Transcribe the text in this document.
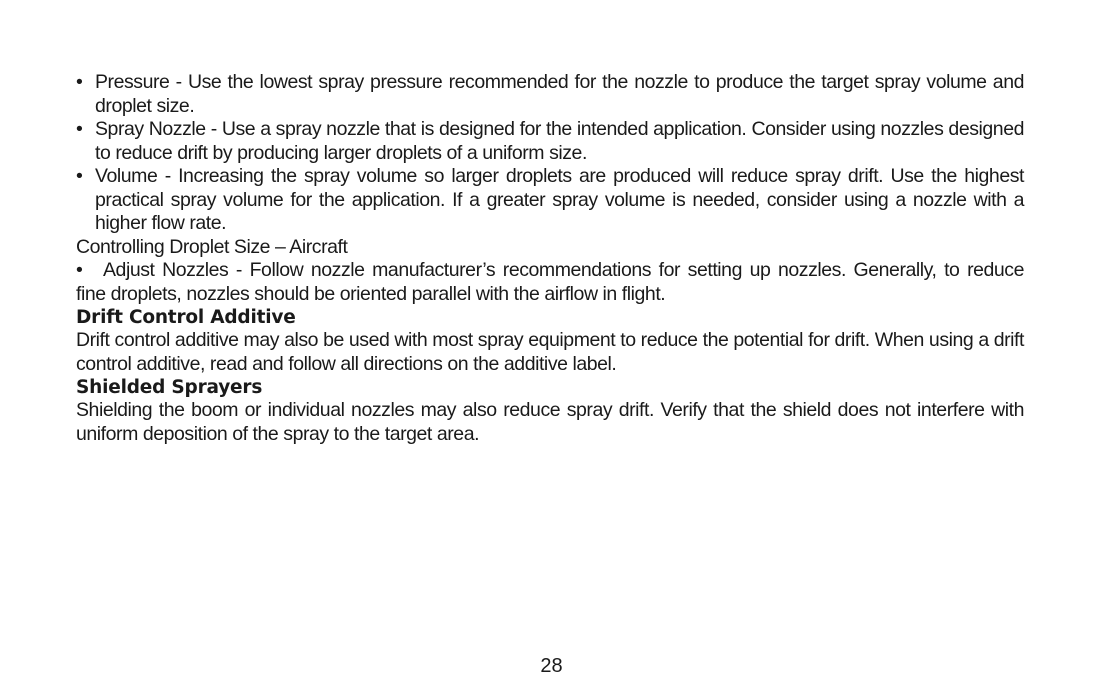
• Pressure - Use the lowest spray pressure recommended for the nozzle to produce the target spray volume and droplet size.
• Spray Nozzle - Use a spray nozzle that is designed for the intended application. Consider using nozzles designed to reduce drift by producing larger droplets of a uniform size.
• Volume - Increasing the spray volume so larger droplets are produced will reduce spray drift. Use the highest practical spray volume for the application. If a greater spray volume is needed, consider using a nozzle with a higher flow rate.

Controlling Droplet Size – Aircraft

• Adjust Nozzles - Follow nozzle manufacturer’s recommendations for setting up nozzles. Generally, to reduce fine droplets, nozzles should be oriented parallel with the airflow in flight.

Drift Control Additive

Drift control additive may also be used with most spray equipment to reduce the potential for drift. When using a drift control additive, read and follow all directions on the additive label.

Shielded Sprayers

Shielding the boom or individual nozzles may also reduce spray drift. Verify that the shield does not interfere with uniform deposition of the spray to the target area.

28
